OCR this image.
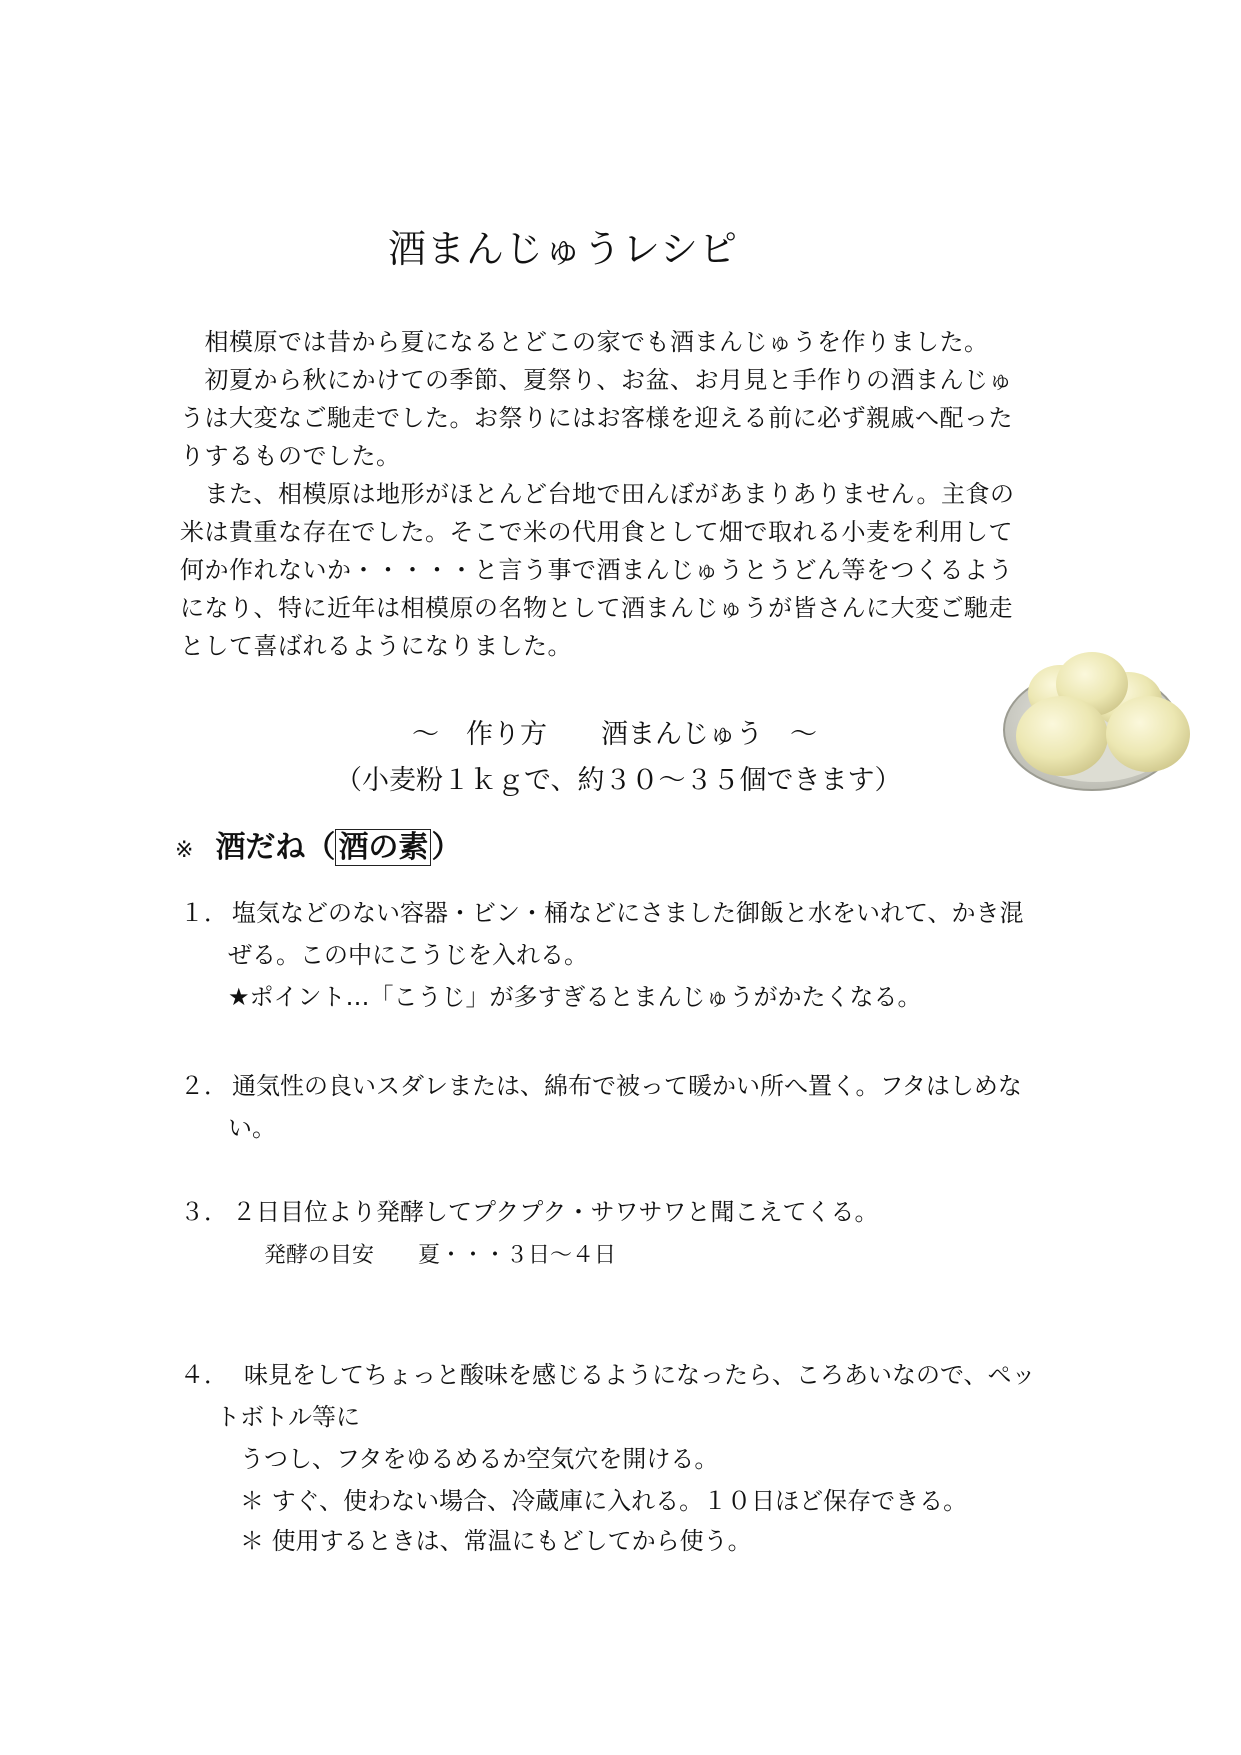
酒まんじゅうレシピ
　相模原では昔から夏になるとどこの家でも酒まんじゅうを作りました。
　初夏から秋にかけての季節、夏祭り、お盆、お月見と手作りの酒まんじゅ
うは大変なご馳走でした。お祭りにはお客様を迎える前に必ず親戚へ配った
りするものでした。
　また、相模原は地形がほとんど台地で田んぼがあまりありません。主食の
米は貴重な存在でした。そこで米の代用食として畑で取れる小麦を利用して
何か作れないか・・・・・と言う事で酒まんじゅうとうどん等をつくるよう
になり、特に近年は相模原の名物として酒まんじゅうが皆さんに大変ご馳走
として喜ばれるようになりました。
～　作り方　　酒まんじゅう　～
（小麦粉１ｋｇで、約３０～３５個できます）
※ 酒だね（ 酒の素 ）
１． 塩気などのない容器・ビン・桶などにさました御飯と水をいれて、かき混
ぜる。この中にこうじを入れる。
★ポイント…「こうじ」が多すぎるとまんじゅうがかたくなる。
２． 通気性の良いスダレまたは、綿布で被って暖かい所へ置く。フタはしめな
い。
３． ２日目位より発酵してプクプク・サワサワと聞こえてくる。
発酵の目安　　夏・・・３日～４日
４． 味見をしてちょっと酸味を感じるようになったら、ころあいなので、ペッ
トボトル等に
うつし、フタをゆるめるか空気穴を開ける。
＊ すぐ、使わない場合、冷蔵庫に入れる。１０日ほど保存できる。
＊ 使用するときは、常温にもどしてから使う。
